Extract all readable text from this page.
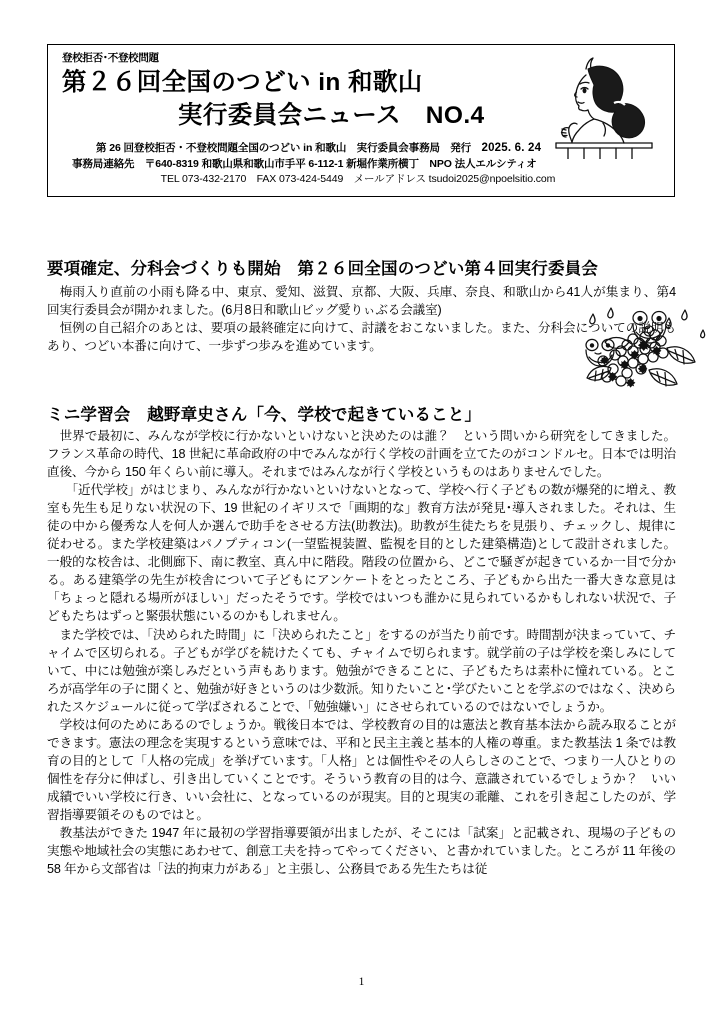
登校拒否･不登校問題
第２６回全国のつどい in 和歌山
実行委員会ニュース　NO.4
第 26 回登校拒否・不登校問題全国のつどい in 和歌山　実行委員会事務局　発行　2025. 6. 24
事務局連絡先　〒640-8319 和歌山県和歌山市手平 6-112-1 新堀作業所横丁　NPO 法人エルシティオ
TEL 073-432-2170　FAX 073-424-5449　メールアドレス tsudoi2025@npoelsitio.com
要項確定、分科会づくりも開始　第２６回全国のつどい第４回実行委員会

　梅雨入り直前の小雨も降る中、東京、愛知、滋賀、京都、大阪、兵庫、奈良、和歌山から41人が集まり、第4回実行委員会が開かれました。(6月8日和歌山ビッグ愛りぃぶる会議室)

　恒例の自己紹介のあとは、要項の最終確定に向けて、討議をおこないました。また、分科会についての説明もあり、つどい本番に向けて、一歩ずつ歩みを進めています。

ミニ学習会　越野章史さん「今、学校で起きていること」

　世界で最初に、みんなが学校に行かないといけないと決めたのは誰？　という問いから研究をしてきました。フランス革命の時代、18 世紀に革命政府の中でみんなが行く学校の計画を立てたのがコンドルセ。日本では明治直後、今から 150 年くらい前に導入。それまではみんなが行く学校というものはありませんでした。

　　「近代学校」がはじまり、みんなが行かないといけないとなって、学校へ行く子どもの数が爆発的に増え、教室も先生も足りない状況の下、19 世紀のイギリスで「画期的な」教育方法が発見･導入されました。それは、生徒の中から優秀な人を何人か選んで助手をさせる方法(助教法)。助教が生徒たちを見張り、チェックし、規律に従わせる。また学校建築はパノプティコン(一望監視装置、監視を目的とした建築構造)として設計されました。一般的な校舎は、北側廊下、南に教室、真ん中に階段。階段の位置から、どこで騒ぎが起きているか一目で分かる。ある建築学の先生が校舎について子どもにアンケートをとったところ、子どもから出た一番大きな意見は「ちょっと隠れる場所がほしい」だったそうです。学校ではいつも誰かに見られているかもしれない状況で、子どもたちはずっと緊張状態にいるのかもしれません。

　また学校では、「決められた時間」に「決められたこと」をするのが当たり前です。時間割が決まっていて、チャイムで区切られる。子どもが学びを続けたくても、チャイムで切られます。就学前の子は学校を楽しみにしていて、中には勉強が楽しみだという声もあります。勉強ができることに、子どもたちは素朴に憧れている。ところが高学年の子に聞くと、勉強が好きというのは少数派。知りたいこと･学びたいことを学ぶのではなく、決められたスケジュールに従って学ばされることで、「勉強嫌い」にさせられているのではないでしょうか。

　学校は何のためにあるのでしょうか。戦後日本では、学校教育の目的は憲法と教育基本法から読み取ることができます。憲法の理念を実現するという意味では、平和と民主主義と基本的人権の尊重。また教基法 1 条では教育の目的として「人格の完成」を挙げています。「人格」とは個性やその人らしさのことで、つまり一人ひとりの個性を存分に伸ばし、引き出していくことです。そういう教育の目的は今、意識されているでしょうか？　いい成績でいい学校に行き、いい会社に、となっているのが現実。目的と現実の乖離、これを引き起こしたのが、学習指導要領そのものではと。

　教基法ができた 1947 年に最初の学習指導要領が出ましたが、そこには「試案」と記載され、現場の子どもの実態や地域社会の実態にあわせて、創意工夫を持ってやってください、と書かれていました。ところが 11 年後の 58 年から文部省は「法的拘束力がある」と主張し、公務員である先生たちは従

1
